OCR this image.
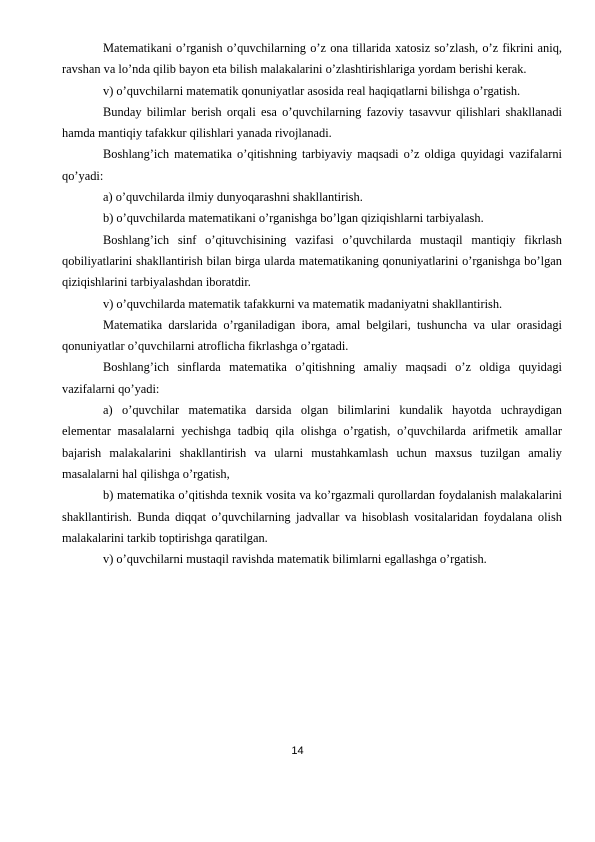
Matematikani o’rganish o’quvchilarning o’z ona tillarida xatosiz so’zlash, o’z fikrini aniq, ravshan va lo’nda qilib bayon eta bilish malakalarini o’zlashtirishlariga yordam berishi kerak.

v) o’quvchilarni matematik qonuniyatlar asosida real haqiqatlarni bilishga o’rgatish.

Bunday bilimlar berish orqali esa o’quvchilarning fazoviy tasavvur qilishlari shakllanadi hamda mantiqiy tafakkur qilishlari yanada rivojlanadi.

Boshlang’ich matematika o’qitishning tarbiyaviy maqsadi o’z oldiga quyidagi vazifalarni qo’yadi:

a) o’quvchilarda ilmiy dunyoqarashni shakllantirish.

b) o’quvchilarda matematikani o’rganishga bo’lgan qiziqishlarni tarbiyalash.

Boshlang’ich sinf o’qituvchisining vazifasi o’quvchilarda mustaqil mantiqiy fikrlash qobiliyatlarini shakllantirish bilan birga ularda matematikaning qonuniyatlarini o’rganishga bo’lgan qiziqishlarini tarbiyalashdan iboratdir.

v) o’quvchilarda matematik tafakkurni va matematik madaniyatni shakllantirish.

Matematika darslarida o’rganiladigan ibora, amal belgilari, tushuncha va ular orasidagi qonuniyatlar o’quvchilarni atroflicha fikrlashga o’rgatadi.

Boshlang’ich sinflarda matematika o’qitishning amaliy maqsadi o’z oldiga quyidagi vazifalarni qo’yadi:

a) o’quvchilar matematika darsida olgan bilimlarini kundalik hayotda uchraydigan elementar masalalarni yechishga tadbiq qila olishga o’rgatish, o’quvchilarda arifmetik amallar bajarish malakalarini shakllantirish va ularni mustahkamlash uchun maxsus tuzilgan amaliy masalalarni hal qilishga o’rgatish,

b) matematika o’qitishda texnik vosita va ko’rgazmali qurollardan foydalanish malakalarini shakllantirish. Bunda diqqat o’quvchilarning jadvallar va hisoblash vositalaridan foydalana olish malakalarini tarkib toptirishga qaratilgan.

v) o’quvchilarni mustaqil ravishda matematik bilimlarni egallashga o’rgatish.

14
